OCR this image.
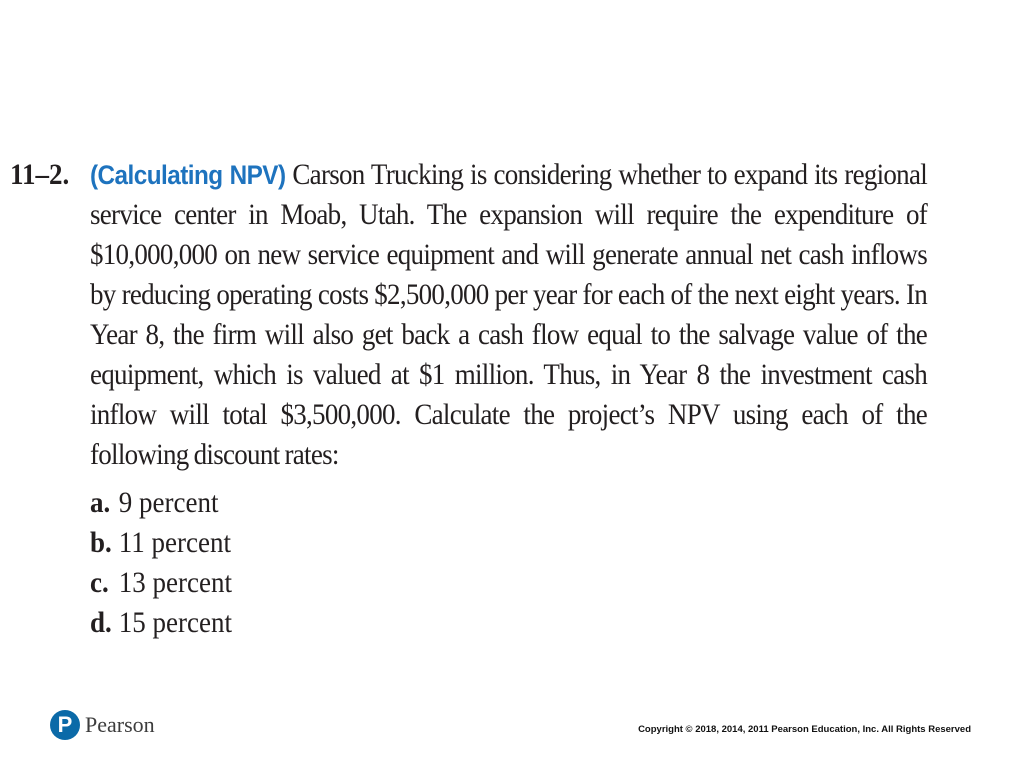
11–2. (Calculating NPV) Carson Trucking is considering whether to expand its regional service center in Moab, Utah. The expansion will require the expenditure of $10,000,000 on new service equipment and will generate annual net cash inflows by reducing operating costs $2,500,000 per year for each of the next eight years. In Year 8, the firm will also get back a cash flow equal to the salvage value of the equipment, which is valued at $1 million. Thus, in Year 8 the investment cash inflow will total $3,500,000. Calculate the project’s NPV using each of the following discount rates:
a. 9 percent
b. 11 percent
c. 13 percent
d. 15 percent
P Pearson	Copyright © 2018, 2014, 2011 Pearson Education, Inc. All Rights Reserved
